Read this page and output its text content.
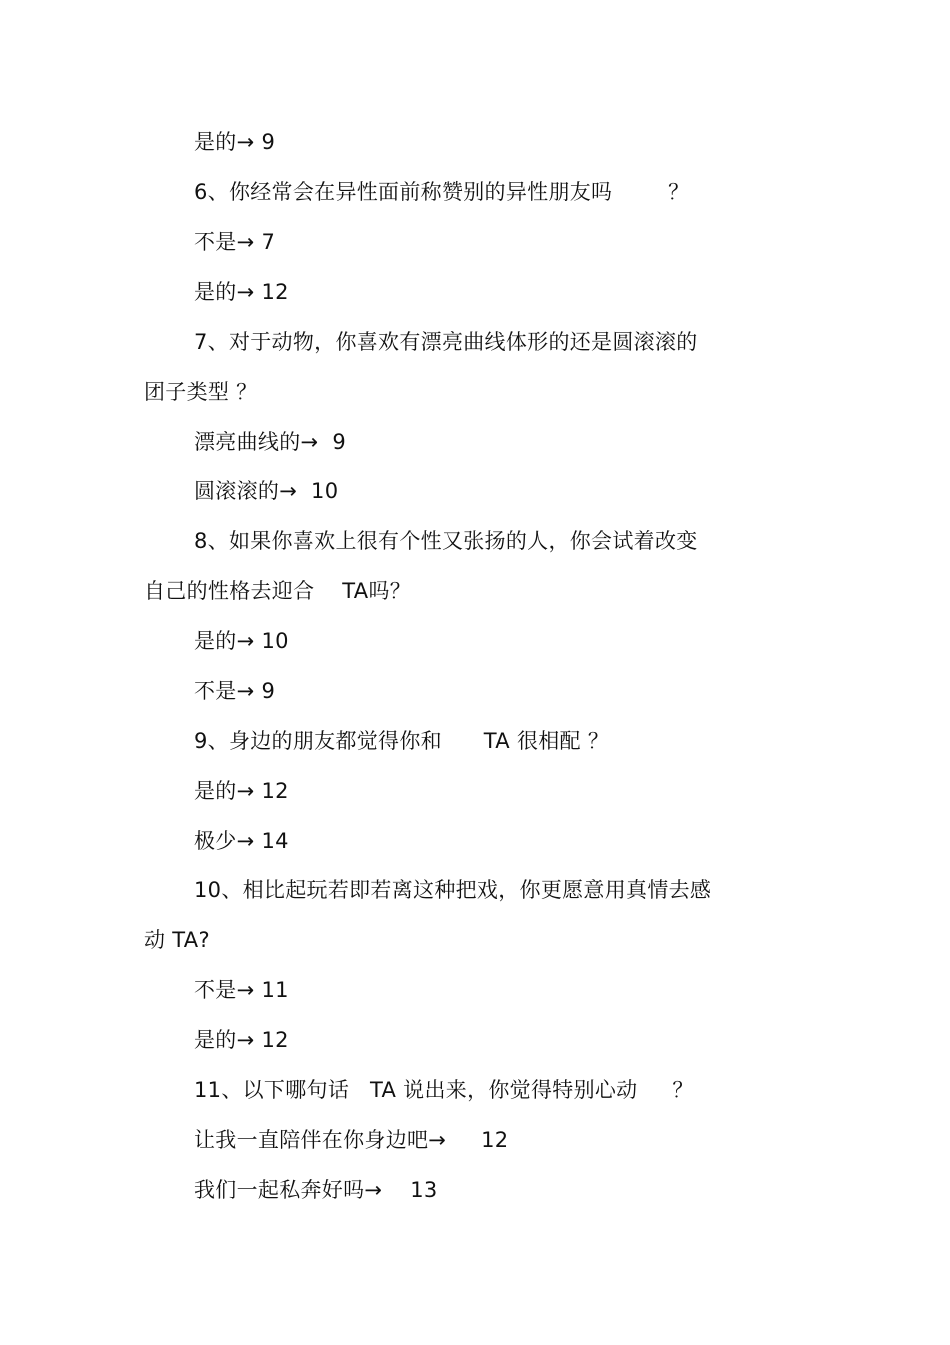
是的→ 9
6、你经常会在异性面前称赞别的异性朋友吗        ？
不是→ 7
是的→ 12
7、对于动物，你喜欢有漂亮曲线体形的还是圆滚滚的
团子类型 ？
漂亮曲线的→  9
圆滚滚的→  10
8、如果你喜欢上很有个性又张扬的人，你会试着改变
自己的性格去迎合    TA吗？
是的→ 10
不是→ 9
9、身边的朋友都觉得你和      TA 很相配 ？
是的→ 12
极少→ 14
10、相比起玩若即若离这种把戏，你更愿意用真情去感
动 TA?
不是→ 11
是的→ 12
11、以下哪句话   TA 说出来，你觉得特别心动     ？
让我一直陪伴在你身边吧→     12
我们一起私奔好吗→    13
